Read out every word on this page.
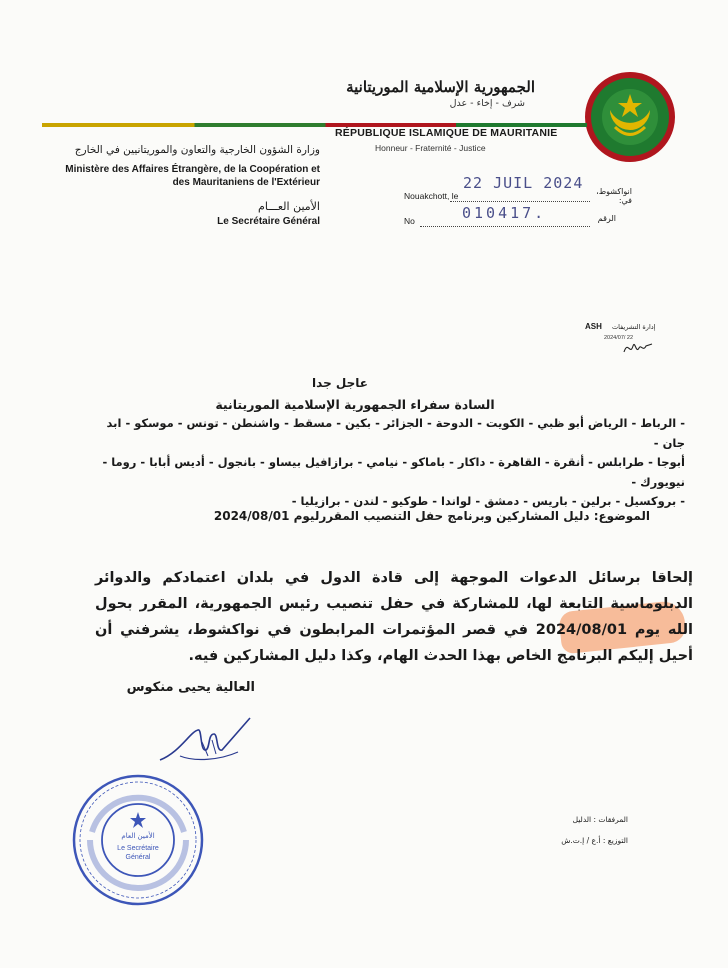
الجمهورية الإسلامية الموريتانية
شرف - إخاء - عدل
RÉPUBLIQUE ISLAMIQUE DE MAURITANIE
Honneur - Fraternité - Justice
وزارة الشؤون الخارجية والتعاون والموريتانيين في الخارج
Ministère des Affaires Étrangère, de la Coopération et
des Mauritaniens de l'Extérieur
الأمين العـــام
Le Secrétaire Général
Nouakchott, le
22 JUIL 2024	انواكشوط، في:
No	010417.	الرقم
ASH إدارة التشريفات
2024/07/ 22
عاجل جدا
السادة سفراء الجمهورية الإسلامية الموريتانية
- الرباط - الرياض أبو ظبي - الكويت - الدوحة - الجزائر - بكين - مسقط - واشنطن - تونس - موسكو - ابد جان -
أبوجا - طرابلس - أنقرة - القاهرة - داكار - باماكو - نيامي - برازافيل بيساو - بانجول - أديس أبابا - روما - نيويورك -
- بروكسيل - برلين - باريس - دمشق - لواندا - طوكيو - لندن - برازيليا -
الموضوع: دليل المشاركين وبرنامج حفل التنصيب المقررليوم 2024/08/01
إلحاقا برسائل الدعوات الموجهة إلى قادة الدول في بلدان اعتمادكم والدوائر الدبلوماسية التابعة لها، للمشاركة في حفل تنصيب رئيس الجمهورية، المقرر بحول الله يوم 2024/08/01 في قصر المؤتمرات المرابطون في نواكشوط، يشرفني أن أحيل إليكم البرنامج الخاص بهذا الحدث الهام، وكذا دليل المشاركين فيه.
العالية يحيى منكوس
الأمين العام
Le Secrétaire
Général
المرفقات : الدليل
التوزيع : أ.ع / إ.ت.ش
